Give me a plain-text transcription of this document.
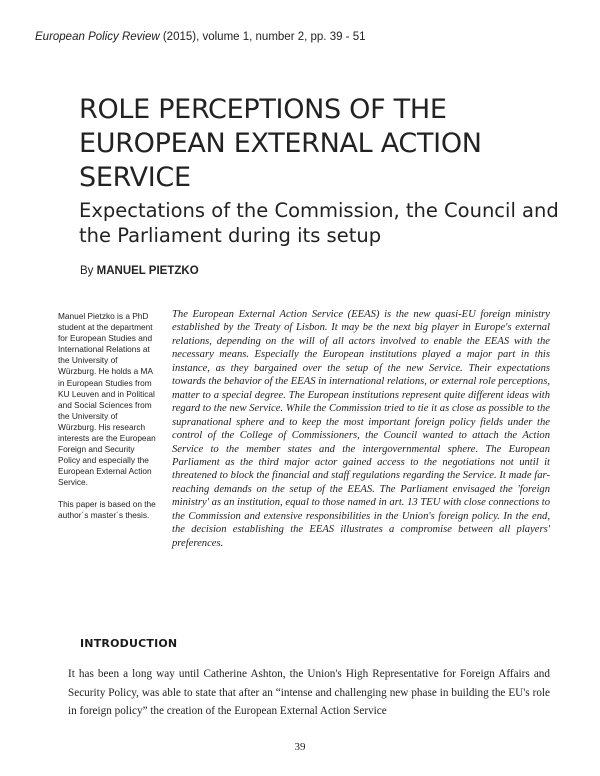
European Policy Review (2015), volume 1, number 2, pp. 39 - 51
ROLE PERCEPTIONS OF THE EUROPEAN EXTERNAL ACTION SERVICE
Expectations of the Commission, the Council and the Parliament during its setup
By MANUEL PIETZKO

Manuel Pietzko is a PhD student at the department for European Studies and International Relations at the University of Würzburg. He holds a MA in European Studies from KU Leuven and in Political and Social Sciences from the University of Würzburg. His research interests are the European Foreign and Security Policy and especially the European External Action Service.

This paper is based on the author´s master´s thesis.

The European External Action Service (EEAS) is the new quasi-EU foreign ministry established by the Treaty of Lisbon. It may be the next big player in Europe's external relations, depending on the will of all actors involved to enable the EEAS with the necessary means. Especially the European institutions played a major part in this instance, as they bargained over the setup of the new Service. Their expectations towards the behavior of the EEAS in international relations, or external role perceptions, matter to a special degree. The European institutions represent quite different ideas with regard to the new Service. While the Commission tried to tie it as close as possible to the supranational sphere and to keep the most important foreign policy fields under the control of the College of Commissioners, the Council wanted to attach the Action Service to the member states and the intergovernmental sphere. The European Parliament as the third major actor gained access to the negotiations not until it threatened to block the financial and staff regulations regarding the Service. It made far-reaching demands on the setup of the EEAS. The Parliament envisaged the 'foreign ministry' as an institution, equal to those named in art. 13 TEU with close connections to the Commission and extensive responsibilities in the Union's foreign policy. In the end, the decision establishing the EEAS illustrates a compromise between all players' preferences.

INTRODUCTION

It has been a long way until Catherine Ashton, the Union's High Representative for Foreign Affairs and Security Policy, was able to state that after an “intense and challenging new phase in building the EU's role in foreign policy” the creation of the European External Action Service

39
